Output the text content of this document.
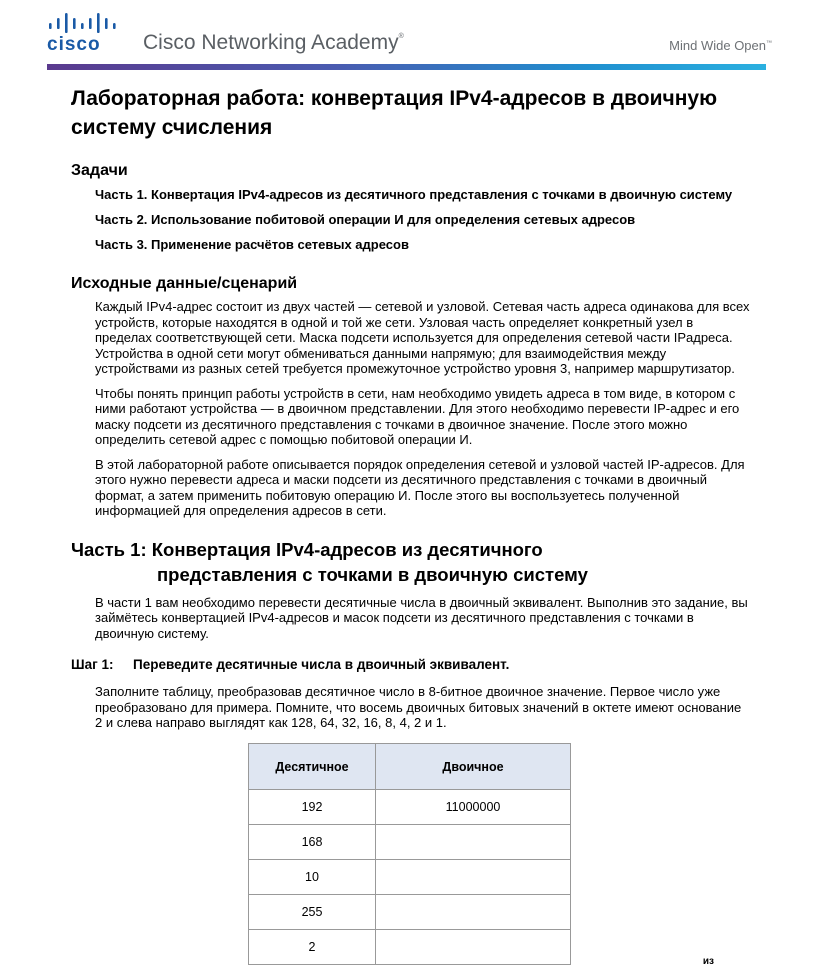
cisco Cisco Networking Academy®
Mind Wide Open™
Лабораторная работа: конвертация IPv4-адресов в двоичную систему счисления
Задачи
Часть 1. Конвертация IPv4-адресов из десятичного представления с точками в двоичную систему
Часть 2. Использование побитовой операции И для определения сетевых адресов
Часть 3. Применение расчётов сетевых адресов
Исходные данные/сценарий

Каждый IPv4-адрес состоит из двух частей — сетевой и узловой. Сетевая часть адреса одинакова для всех устройств, которые находятся в одной и той же сети. Узловая часть определяет конкретный узел в пределах соответствующей сети. Маска подсети используется для определения сетевой части IPадреса. Устройства в одной сети могут обмениваться данными напрямую; для взаимодействия между устройствами из разных сетей требуется промежуточное устройство уровня 3, например маршрутизатор.

Чтобы понять принцип работы устройств в сети, нам необходимо увидеть адреса в том виде, в котором с ними работают устройства — в двоичном представлении. Для этого необходимо перевести IP-адрес и его маску подсети из десятичного представления с точками в двоичное значение. После этого можно определить сетевой адрес с помощью побитовой операции И.

В этой лабораторной работе описывается порядок определения сетевой и узловой частей IP-адресов. Для этого нужно перевести адреса и маски подсети из десятичного представления с точками в двоичный формат, а затем применить побитовую операцию И. После этого вы воспользуетесь полученной информацией для определения адресов в сети.

Часть 1: Конвертация IPv4-адресов из десятичного
представления с точками в двоичную систему

В части 1 вам необходимо перевести десятичные числа в двоичный эквивалент. Выполнив это задание, вы займётесь конвертацией IPv4-адресов и масок подсети из десятичного представления с точками в двоичную систему.

Шаг 1: Переведите десятичные числа в двоичный эквивалент.

Заполните таблицу, преобразовав десятичное число в 8-битное двоичное значение. Первое число уже преобразовано для примера. Помните, что восемь двоичных битовых значений в октете имеют основание 2 и слева направо выглядят как 128, 64, 32, 16, 8, 4, 2 и 1.

Десятичное	Двоичное
192	11000000
168	
10	
255	
2	
из
